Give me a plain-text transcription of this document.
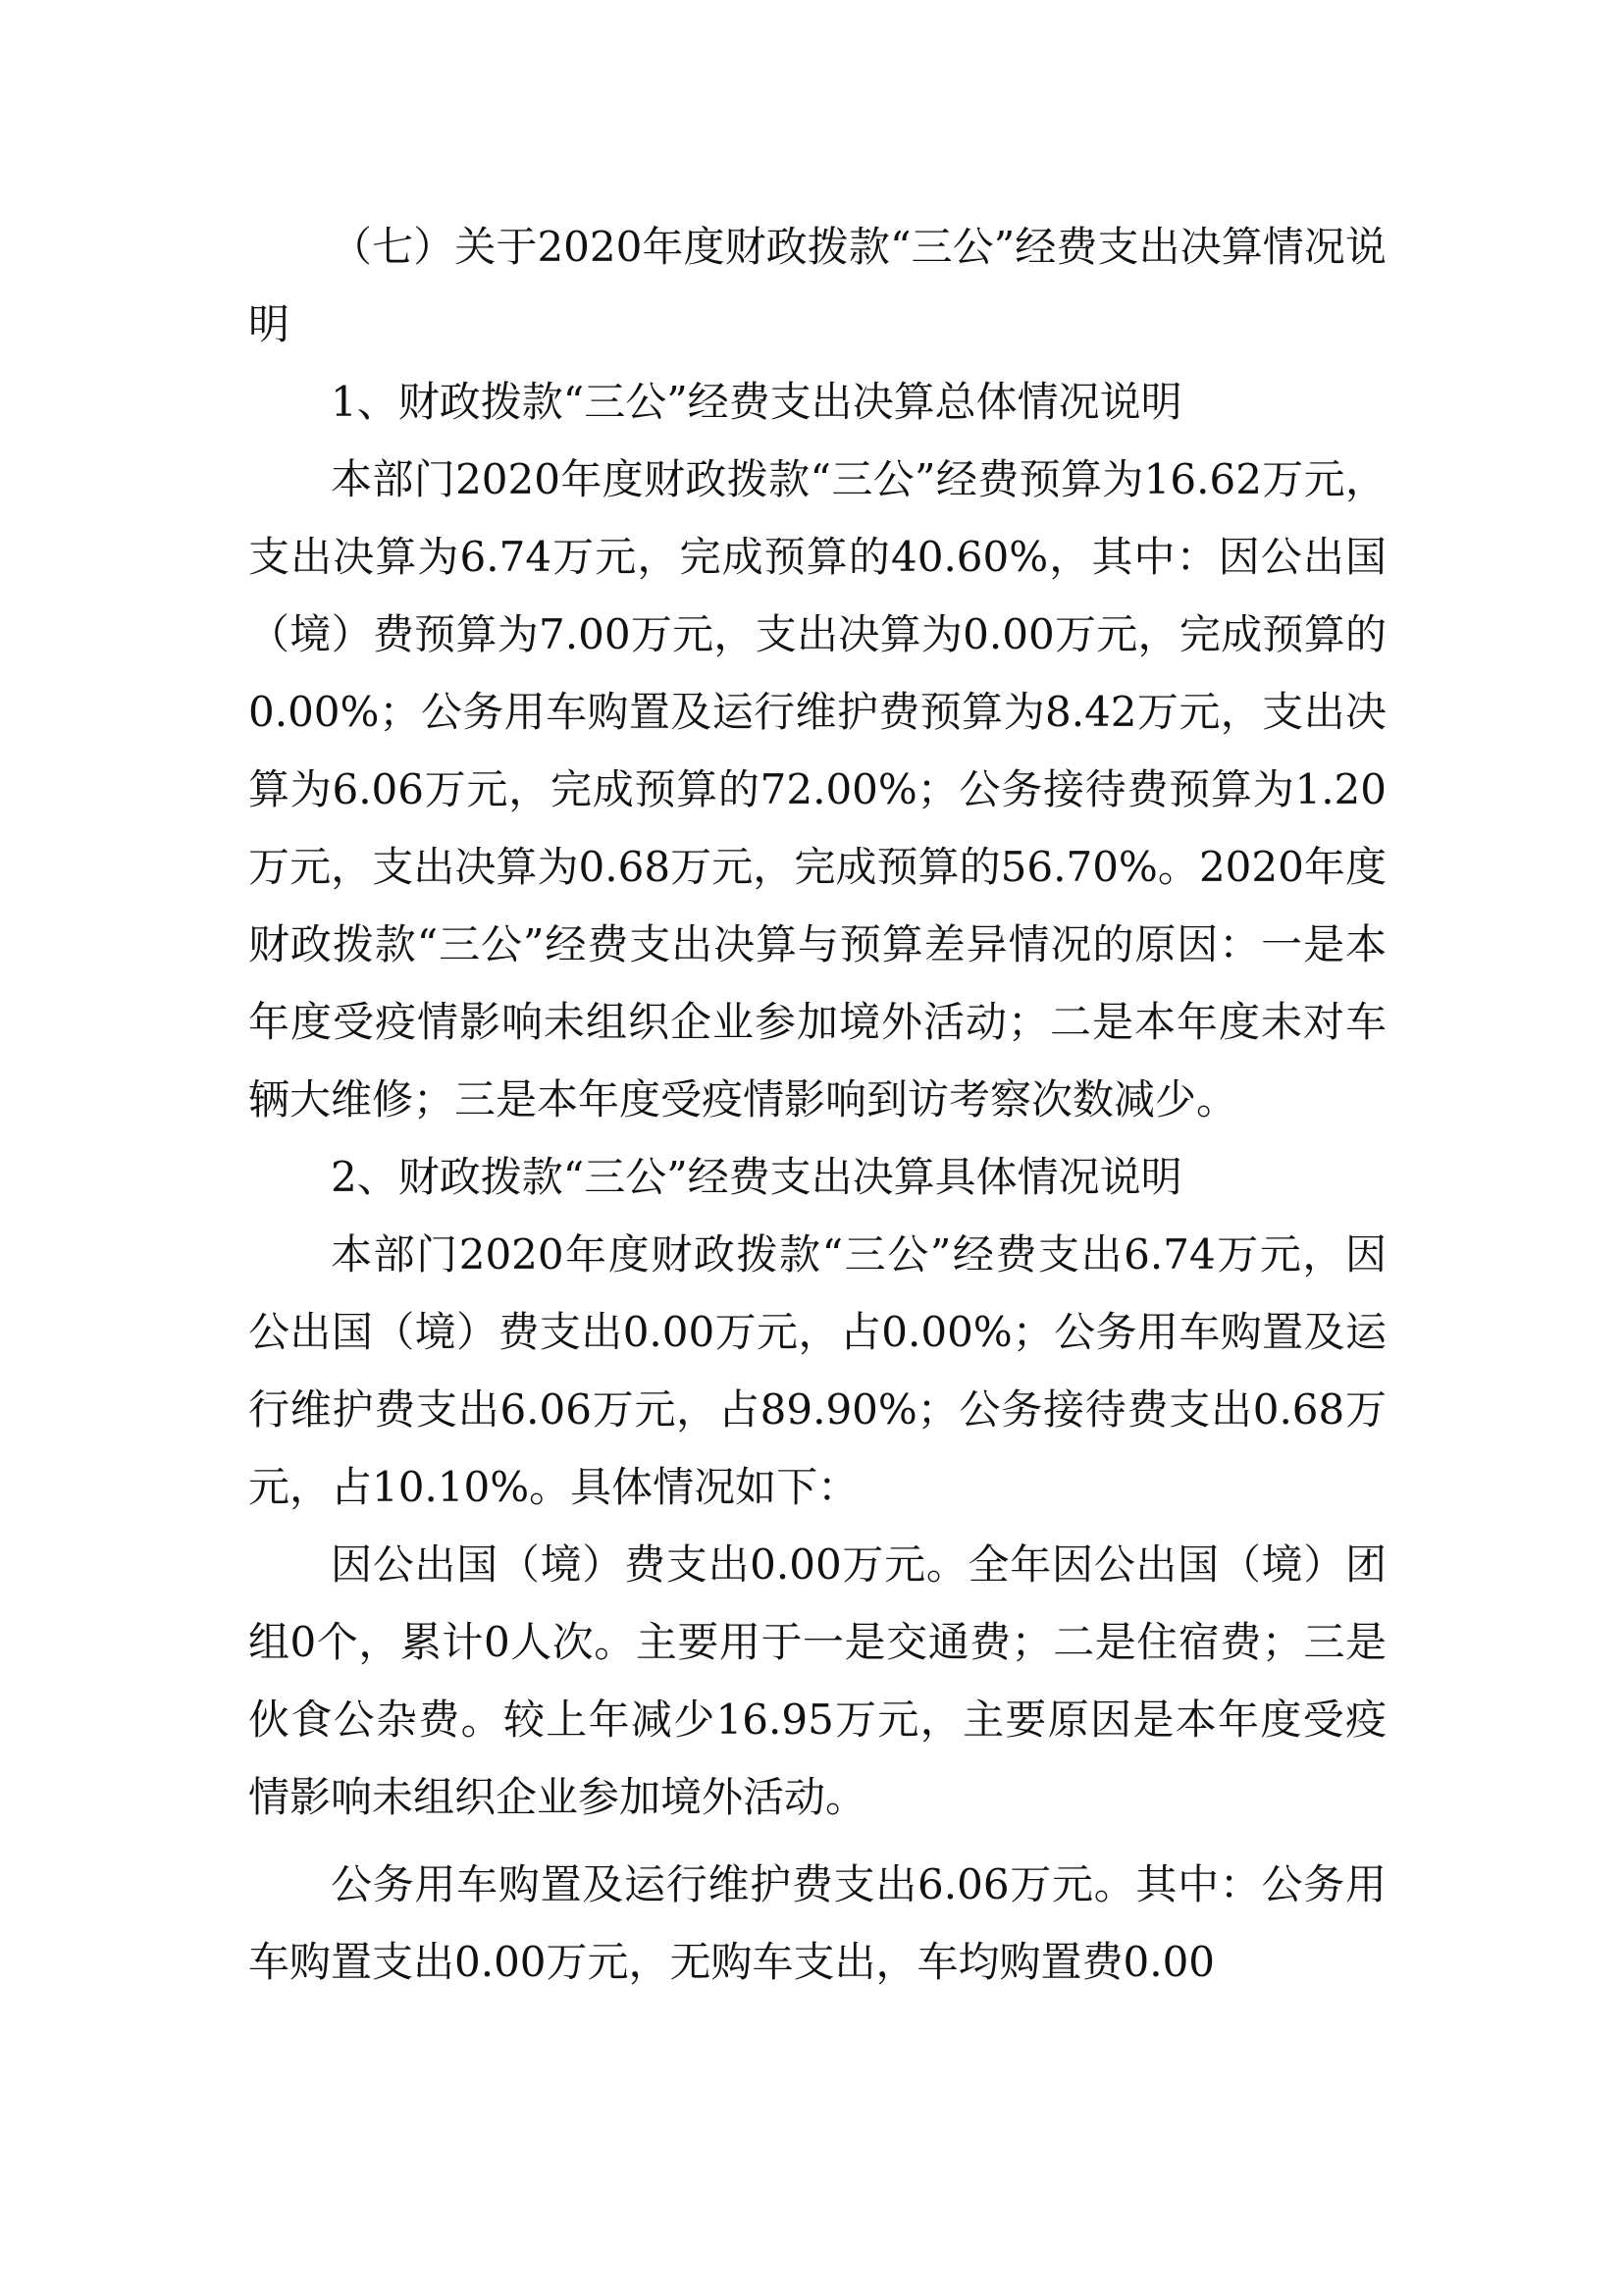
（七）关于2020年度财政拨款“三公”经费支出决算情况说明

1、财政拨款“三公”经费支出决算总体情况说明

本部门2020年度财政拨款“三公”经费预算为16.62万元，支出决算为6.74万元，完成预算的40.60%，其中：因公出国（境）费预算为7.00万元，支出决算为0.00万元，完成预算的0.00%；公务用车购置及运行维护费预算为8.42万元，支出决算为6.06万元，完成预算的72.00%；公务接待费预算为1.20万元，支出决算为0.68万元，完成预算的56.70%。2020年度财政拨款“三公”经费支出决算与预算差异情况的原因：一是本年度受疫情影响未组织企业参加境外活动；二是本年度未对车辆大维修；三是本年度受疫情影响到访考察次数减少。

2、财政拨款“三公”经费支出决算具体情况说明

本部门2020年度财政拨款“三公”经费支出6.74万元，因公出国（境）费支出0.00万元，占0.00%；公务用车购置及运行维护费支出6.06万元，占89.90%；公务接待费支出0.68万元，占10.10%。具体情况如下：

因公出国（境）费支出0.00万元。全年因公出国（境）团组0个，累计0人次。主要用于一是交通费；二是住宿费；三是伙食公杂费。较上年减少16.95万元，主要原因是本年度受疫情影响未组织企业参加境外活动。

公务用车购置及运行维护费支出6.06万元。其中：公务用车购置支出0.00万元，无购车支出，车均购置费0.00
